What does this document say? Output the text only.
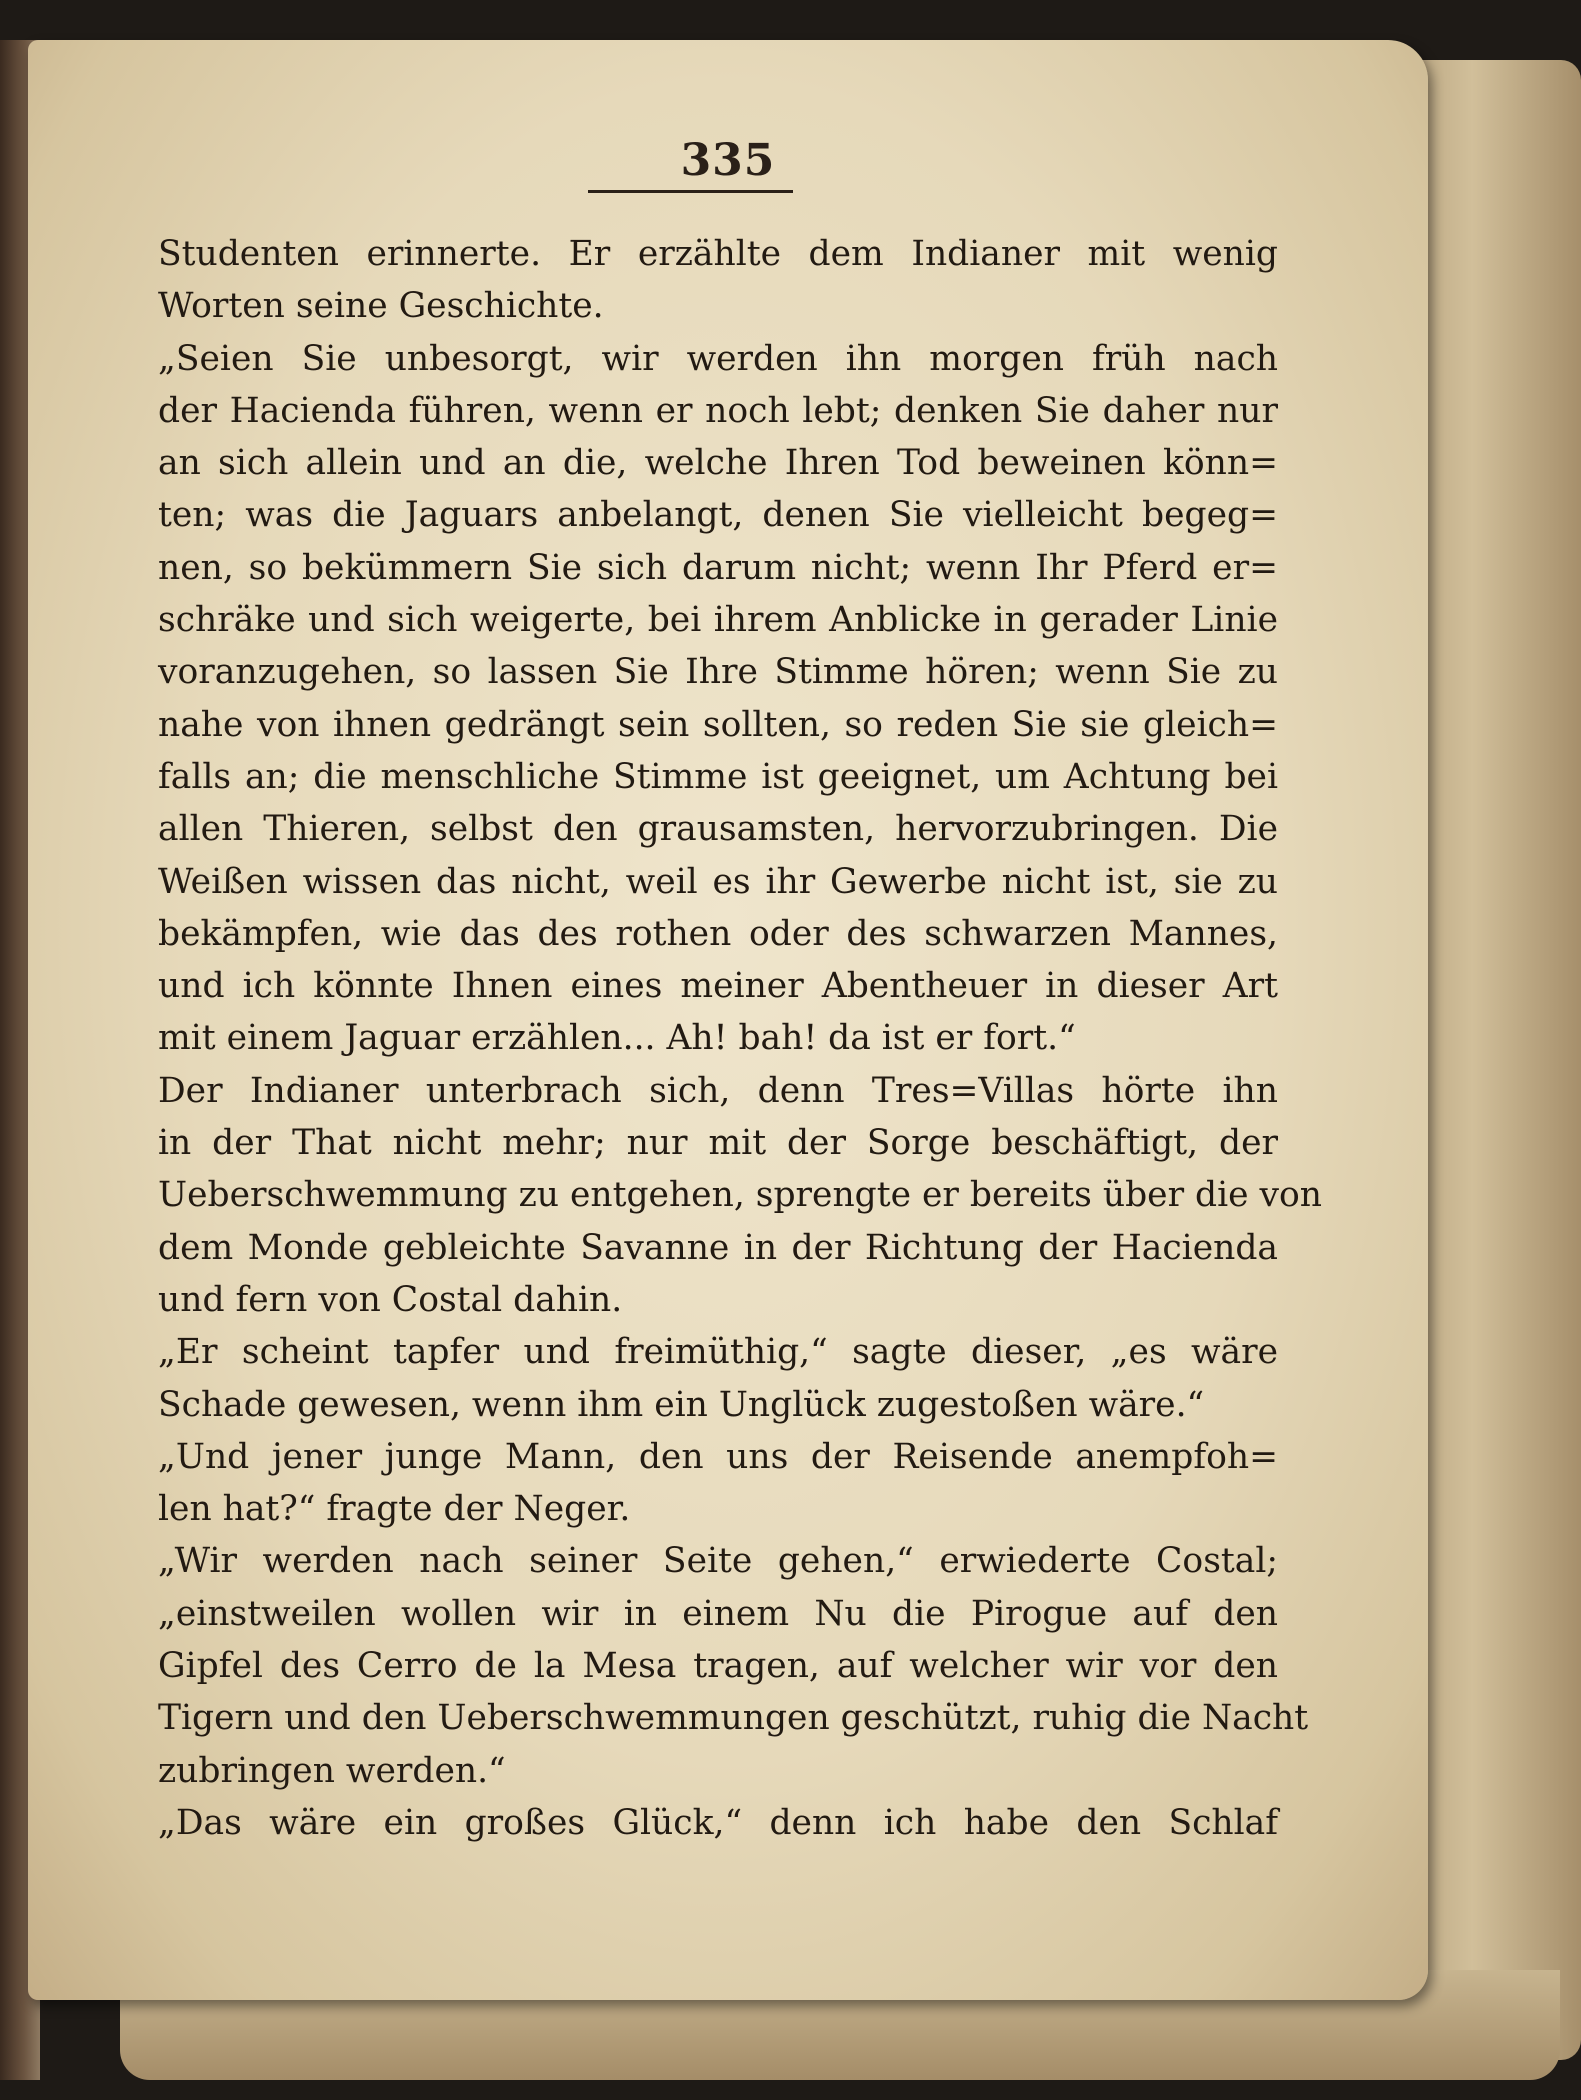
335
Studenten erinnerte. Er erzählte dem Indianer mit wenig
Worten seine Geschichte.
„Seien Sie unbesorgt, wir werden ihn morgen früh nach
der Hacienda führen, wenn er noch lebt; denken Sie daher nur
an sich allein und an die, welche Ihren Tod beweinen könn=
ten; was die Jaguars anbelangt, denen Sie vielleicht begeg=
nen, so bekümmern Sie sich darum nicht; wenn Ihr Pferd er=
schräke und sich weigerte, bei ihrem Anblicke in gerader Linie
voranzugehen, so lassen Sie Ihre Stimme hören; wenn Sie zu
nahe von ihnen gedrängt sein sollten, so reden Sie sie gleich=
falls an; die menschliche Stimme ist geeignet, um Achtung bei
allen Thieren, selbst den grausamsten, hervorzubringen. Die
Weißen wissen das nicht, weil es ihr Gewerbe nicht ist, sie zu
bekämpfen, wie das des rothen oder des schwarzen Mannes,
und ich könnte Ihnen eines meiner Abentheuer in dieser Art
mit einem Jaguar erzählen... Ah! bah! da ist er fort.“
Der Indianer unterbrach sich, denn Tres=Villas hörte ihn
in der That nicht mehr; nur mit der Sorge beschäftigt, der
Ueberschwemmung zu entgehen, sprengte er bereits über die von
dem Monde gebleichte Savanne in der Richtung der Hacienda
und fern von Costal dahin.
„Er scheint tapfer und freimüthig,“ sagte dieser, „es wäre
Schade gewesen, wenn ihm ein Unglück zugestoßen wäre.“
„Und jener junge Mann, den uns der Reisende anempfoh=
len hat?“ fragte der Neger.
„Wir werden nach seiner Seite gehen,“ erwiederte Costal;
„einstweilen wollen wir in einem Nu die Pirogue auf den
Gipfel des Cerro de la Mesa tragen, auf welcher wir vor den
Tigern und den Ueberschwemmungen geschützt, ruhig die Nacht
zubringen werden.“
„Das wäre ein großes Glück,“ denn ich habe den Schlaf
